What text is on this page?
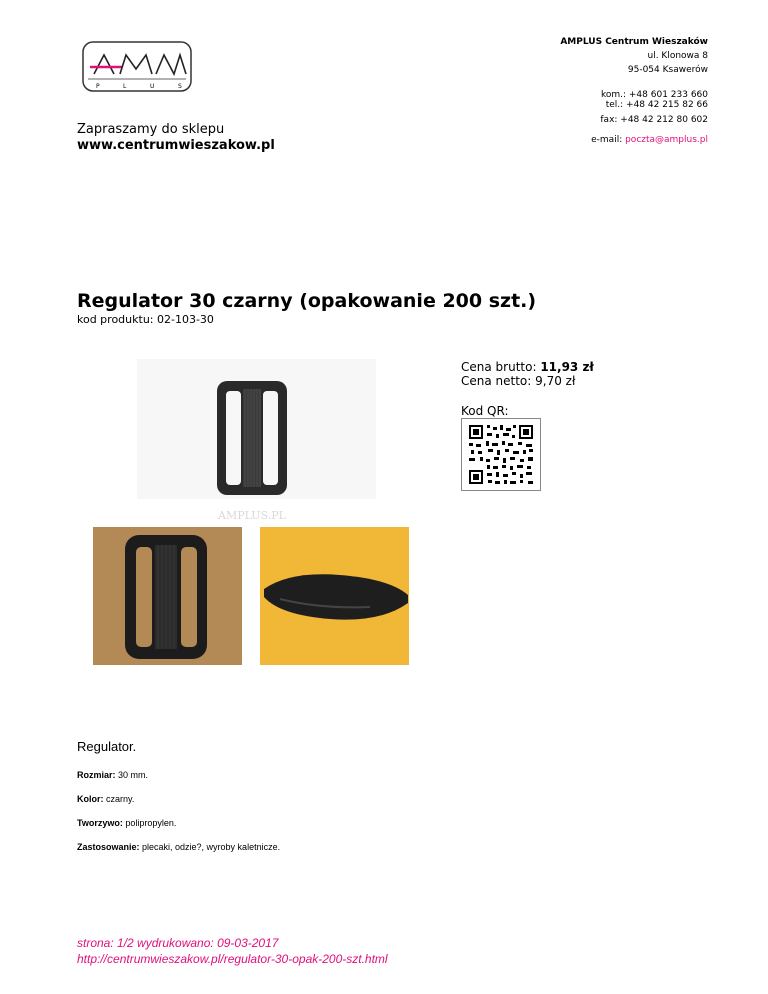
P	L	U	S
AMPLUS Centrum Wieszaków
ul. Klonowa 8
95-054 Ksawerów
kom.: +48 601 233 660
tel.: +48 42 215 82 66
fax: +48 42 212 80 602
e-mail: poczta@amplus.pl
Zapraszamy do sklepu
www.centrumwieszakow.pl
Regulator 30 czarny (opakowanie 200 szt.)
kod produktu: 02-103-30
AMPLUS.PL
Cena brutto: 11,93 zł
Cena netto: 9,70 zł
Kod QR:
Regulator.
Rozmiar: 30 mm.
Kolor: czarny.
Tworzywo: polipropylen.
Zastosowanie: plecaki, odzie?, wyroby kaletnicze.
strona: 1/2 wydrukowano: 09-03-2017
http://centrumwieszakow.pl/regulator-30-opak-200-szt.html
